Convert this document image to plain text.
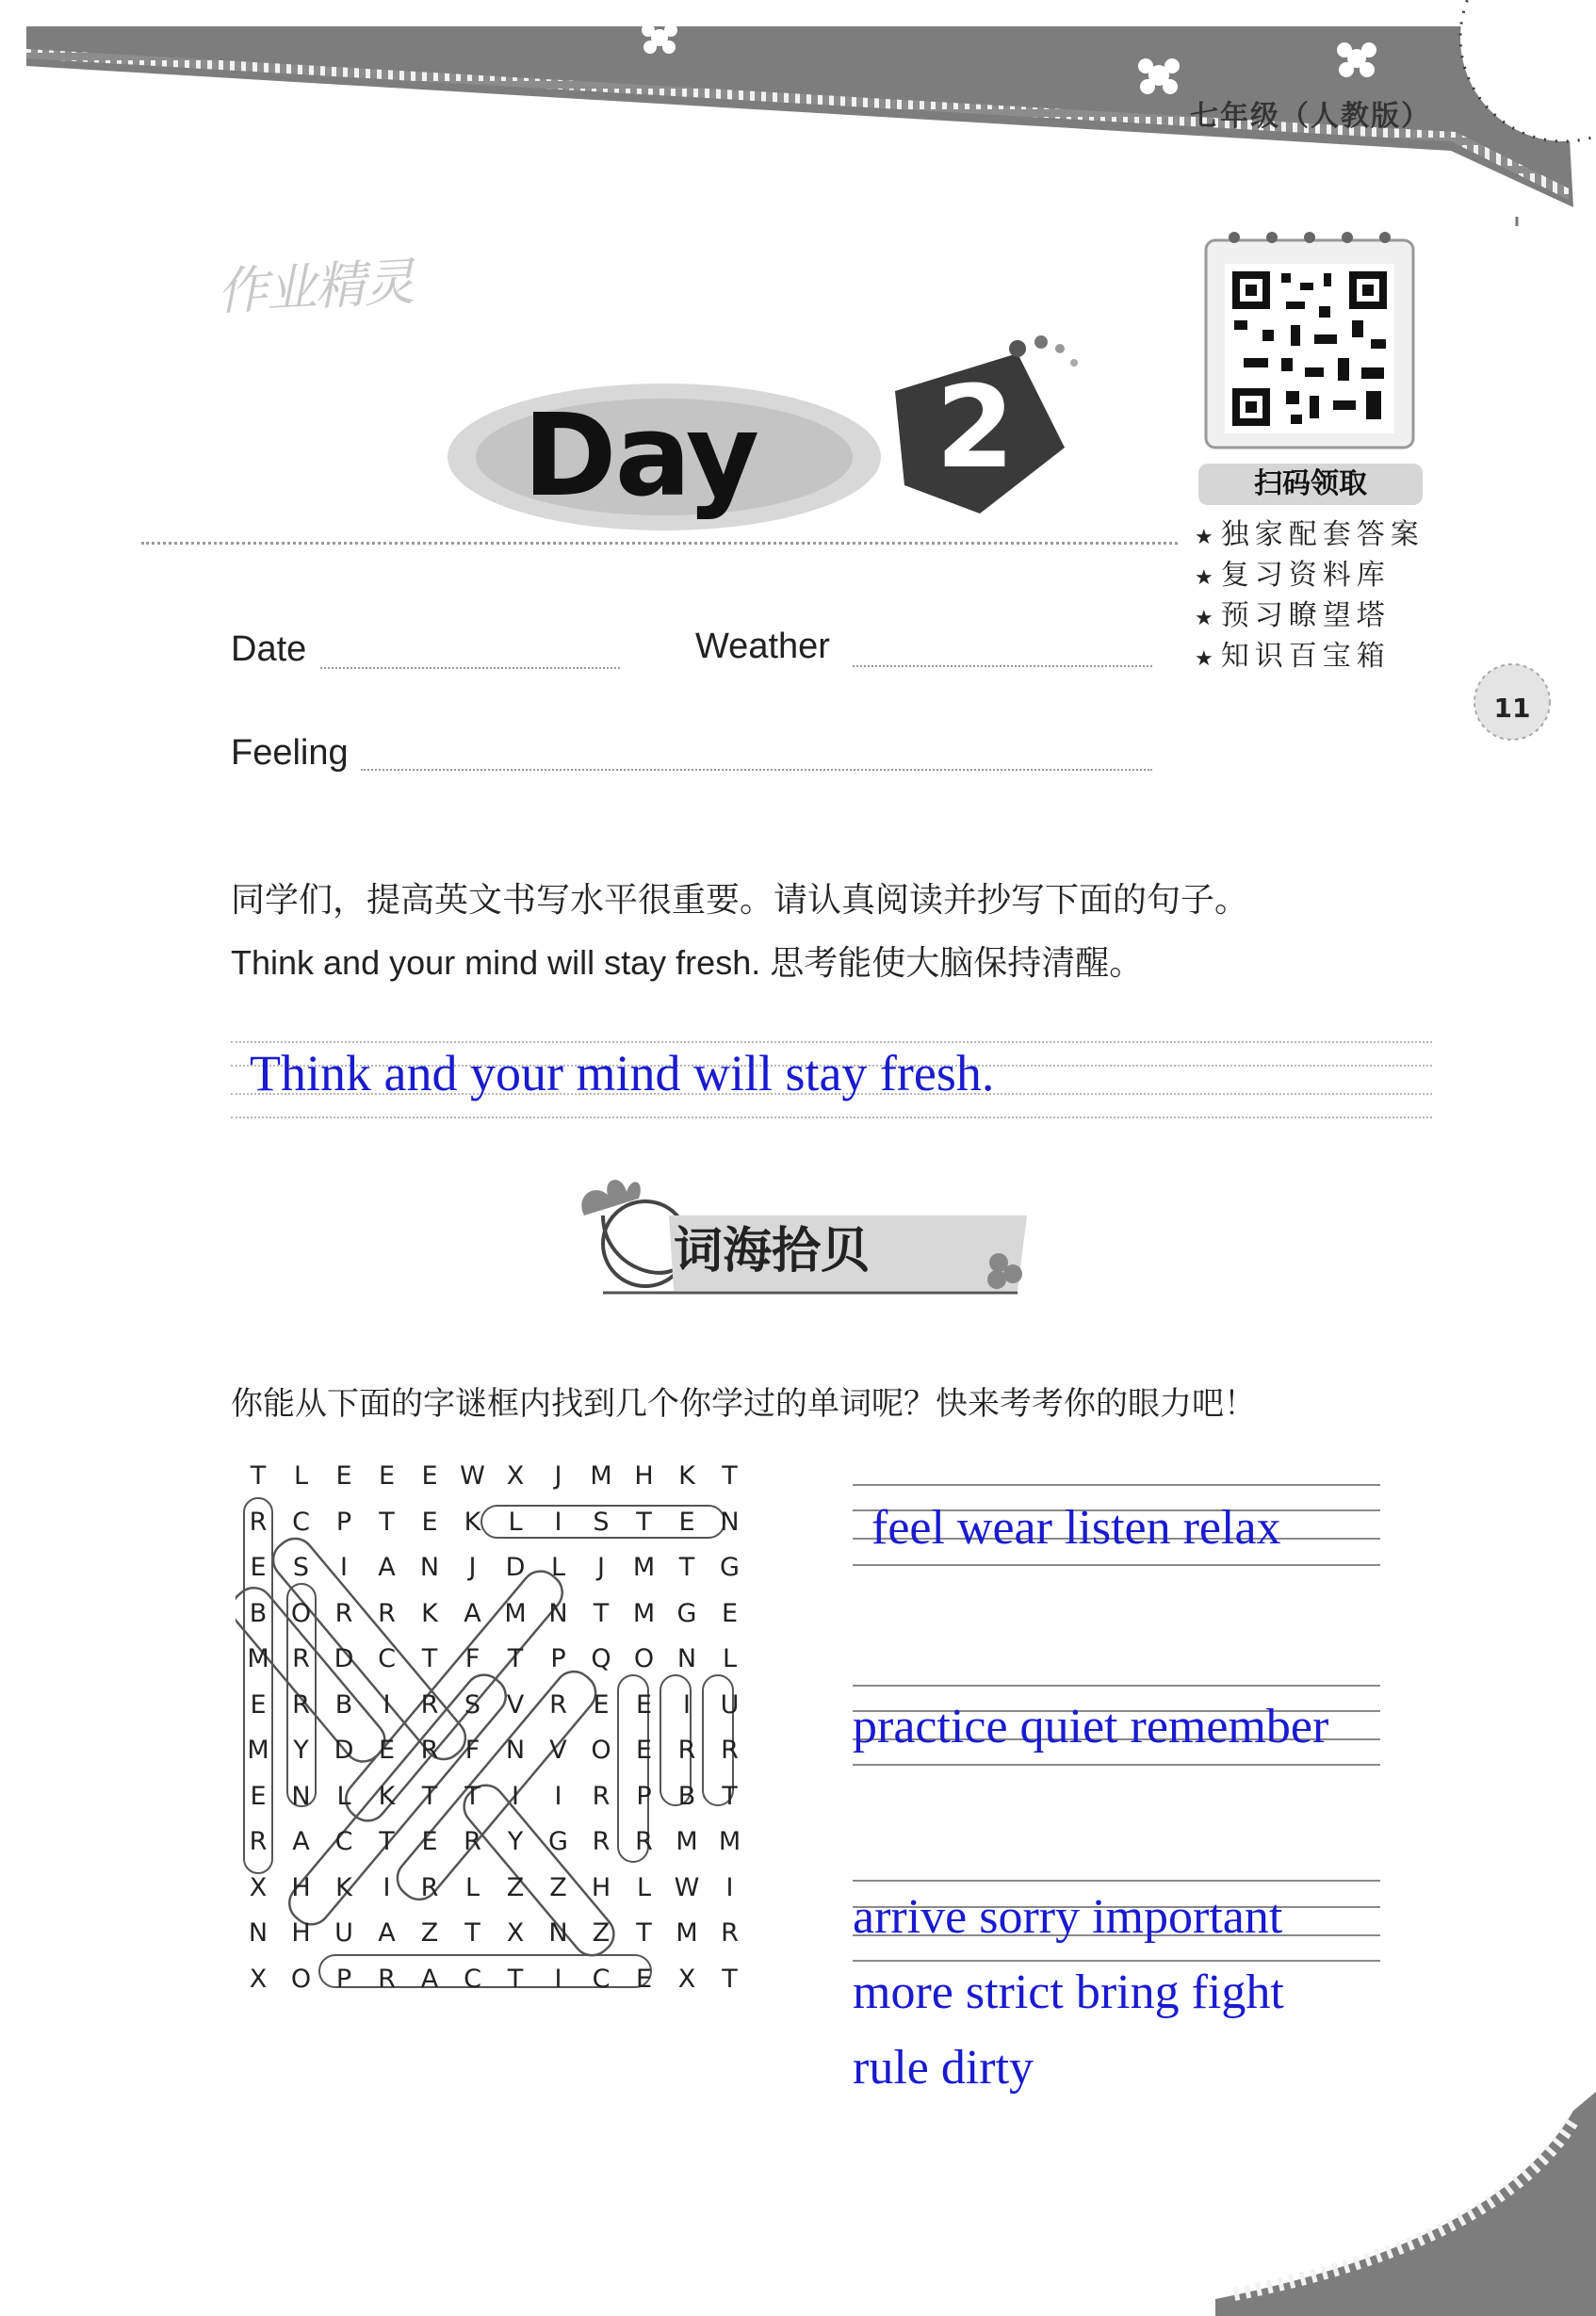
七年级（人教版）
作业精灵
Day 2	扫码领取
★ 独家配套答案
★ 复习资料库
★ 预习瞭望塔
★ 知识百宝箱
11
Date	Weather
Feeling
同学们，提高英文书写水平很重要。请认真阅读并抄写下面的句子。
Think and your mind will stay fresh. 思考能使大脑保持清醒。
Think and your mind will stay fresh.
词海拾贝
你能从下面的字谜框内找到几个你学过的单词呢？快来考考你的眼力吧！
T	L	E	E	E W X	J	M H K	T
R C	P	T	E	K	L	I	S	T	E N
E	S	I	A N	J	D	L	J	M T G
B O R R	K	A M N	T M G E
M R D C	T	F	T	P Q O N	L
E	R B	I	R	S	V R	E	E	I	U
M Y D E	R	F	N V O E	R R
E N	L	K	T	T	I	I	R	P	B	T
R A C	T	E	R	Y G R R M M
X H K	I	R	L	Z	Z H	L W	I
N H U A	Z	T	X N Z	T M R
X O P	R A C	T	I	C	E	X	T
feel wear listen relax
practice quiet remember
arrive sorry important
more strict bring fight
rule dirty
